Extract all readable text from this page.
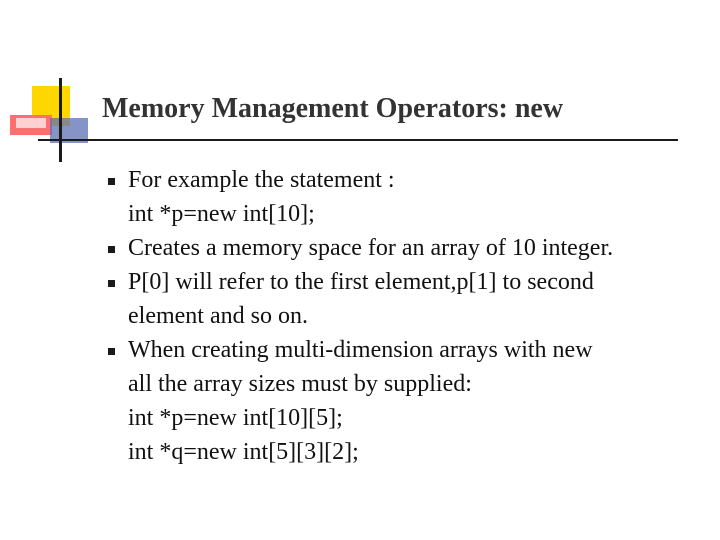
Memory Management Operators: new
For example the statement :
int *p=new int[10];
Creates a memory space for an array of 10 integer.
P[0] will refer to the first element,p[1] to second
element and so on.
When creating multi-dimension arrays with new
all the array sizes must by supplied:
int *p=new int[10][5];
int *q=new int[5][3][2];
